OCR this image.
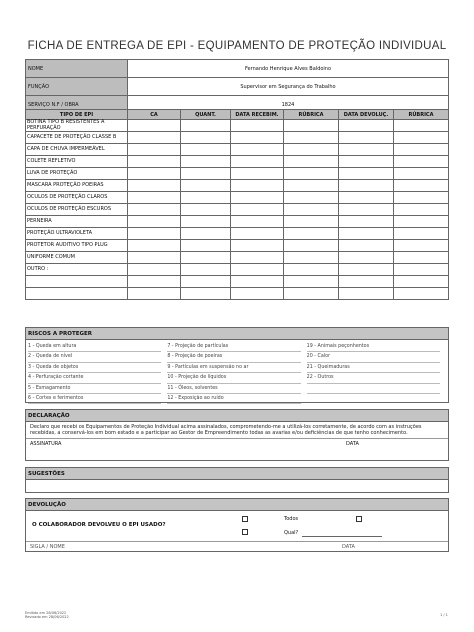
FICHA DE ENTREGA DE EPI - EQUIPAMENTO DE PROTEÇÃO INDIVIDUAL
NOME	Fernando Henrique Alves Baldoino
FUNÇÃO	Supervisor em Segurança do Trabalho
SERVIÇO N.F / OBRA	1824
TIPO DE EPI	CA	QUANT.	DATA RECEBIM.	RÚBRICA	DATA DEVOLUÇ.	RÚBRICA
BOTINA TIPO B RESISTENTES A PERFURAÇÃO						
CAPACETE DE PROTEÇÃO CLASSE B						
CAPA DE CHUVA IMPERMEÁVEL						
COLETE REFLETIVO						
LUVA DE PROTEÇÃO						
MASCARA PROTEÇÃO POEIRAS						
OCULOS DE PROTEÇÃO CLAROS						
OCULOS DE PROTEÇÃO ESCUROS						
PERNEIRA						
PROTEÇÃO ULTRAVIOLETA						
PROTETOR AUDITIVO TIPO PLUG						
UNIFORME COMUM						
OUTRO :						

RISCOS A PROTEGER
1 - Queda em altura
2 - Queda de nível
3 - Queda de objetos
4 - Perfuração cortante
5 - Esmagamento
6 - Cortes e ferimentos
7 - Projeção de partículas
8 - Projeção de poeiras
9 - Partículas em suspensão no ar
10 - Projeção de líquidos
11 - Óleos, solventes
12 - Exposição ao ruído
19 - Animais peçonhentos
20 - Calor
21 - Queimaduras
22 - Outros
DECLARAÇÃO
Declaro que recebi os Equipamentos de Proteção Individual acima assinalados, comprometendo-me a utilizá-los corretamente, de acordo com as instruções recebidas, a conservá-los em bom estado e a participar ao Gestor de Empreendimento todas as avarias e/ou deficiências de que tenho conhecimento.
ASSINATURA	DATA
SUGESTÕES
DEVOLUÇÃO
O COLABORADOR DEVOLVEU O EPI USADO?
Todos
Qual?
SIGLA / NOME	DATA
Emitido em 28/06/2022
Revisado em 28/06/2022	1 / 1
